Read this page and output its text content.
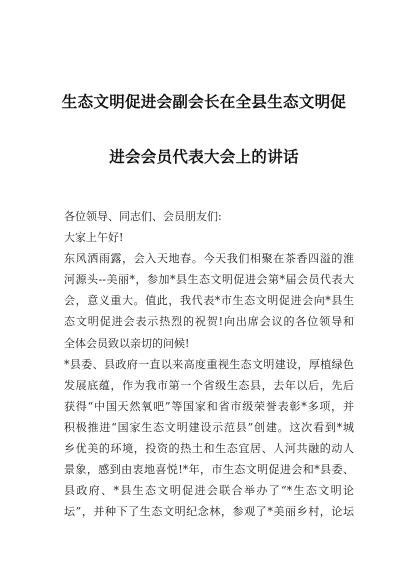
生态文明促进会副会长在全县生态文明促
进会会员代表大会上的讲话
各位领导、同志们、会员朋友们:
大家上午好!
东风洒雨露，会入天地春。今天我们相聚在茶香四溢的淮
河源头--美丽*，参加*县生态文明促进会第*届会员代表大
会，意义重大。值此，我代表*市生态文明促进会向*县生
态文明促进会表示热烈的祝贺!向出席会议的各位领导和
全体会员致以亲切的问候!
*县委、县政府一直以来高度重视生态文明建设，厚植绿色
发展底蕴，作为我市第一个省级生态县，去年以后，先后
获得“中国天然氧吧”等国家和省市级荣誉表彰*多项，并
积极推进“国家生态文明建设示范县”创建。这次看到*城
乡优美的环境，投资的热土和生态宜居、人河共融的动人
景象，感到由衷地喜悦!*年，市生态文明促进会和*县委、
县政府、*县生态文明促进会联合举办了“*生态文明论
坛”，并种下了生态文明纪念林，参观了*美丽乡村，论坛
